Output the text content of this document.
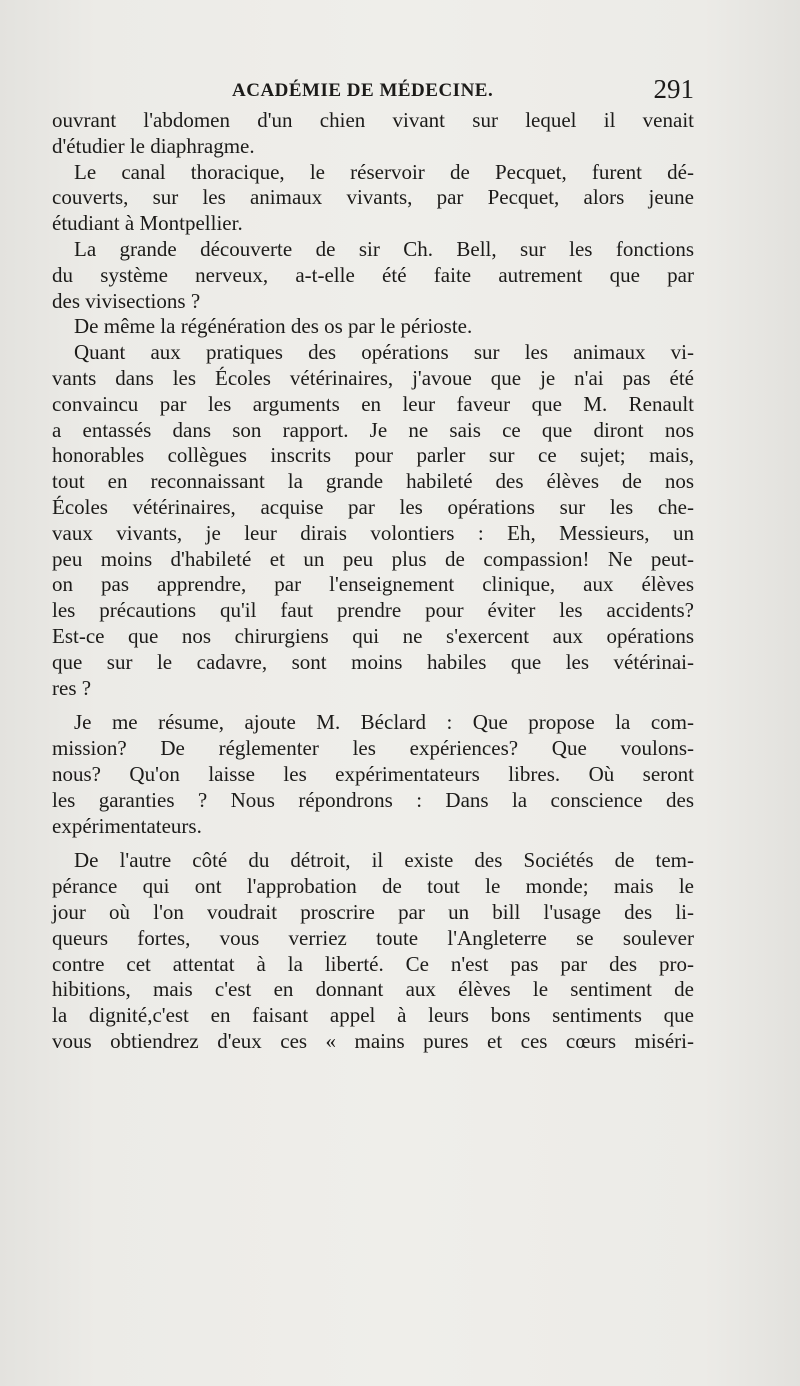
ACADÉMIE DE MÉDECINE.	291
ouvrant l'abdomen d'un chien vivant sur lequel il venait
d'étudier le diaphragme.
Le canal thoracique, le réservoir de Pecquet, furent dé-
couverts, sur les animaux vivants, par Pecquet, alors jeune
étudiant à Montpellier.
La grande découverte de sir Ch. Bell, sur les fonctions
du système nerveux, a-t-elle été faite autrement que par
des vivisections ?
De même la régénération des os par le périoste.
Quant aux pratiques des opérations sur les animaux vi-
vants dans les Écoles vétérinaires, j'avoue que je n'ai pas été
convaincu par les arguments en leur faveur que M. Renault
a entassés dans son rapport. Je ne sais ce que diront nos
honorables collègues inscrits pour parler sur ce sujet; mais,
tout en reconnaissant la grande habileté des élèves de nos
Écoles vétérinaires, acquise par les opérations sur les che-
vaux vivants, je leur dirais volontiers : Eh, Messieurs, un
peu moins d'habileté et un peu plus de compassion! Ne peut-
on pas apprendre, par l'enseignement clinique, aux élèves
les précautions qu'il faut prendre pour éviter les accidents?
Est-ce que nos chirurgiens qui ne s'exercent aux opérations
que sur le cadavre, sont moins habiles que les vétérinai-
res ?
Je me résume, ajoute M. Béclard : Que propose la com-
mission? De réglementer les expériences? Que voulons-
nous? Qu'on laisse les expérimentateurs libres. Où seront
les garanties ? Nous répondrons : Dans la conscience des
expérimentateurs.
De l'autre côté du détroit, il existe des Sociétés de tem-
pérance qui ont l'approbation de tout le monde; mais le
jour où l'on voudrait proscrire par un bill l'usage des li-
queurs fortes, vous verriez toute l'Angleterre se soulever
contre cet attentat à la liberté. Ce n'est pas par des pro-
hibitions, mais c'est en donnant aux élèves le sentiment de
la dignité,c'est en faisant appel à leurs bons sentiments que
vous obtiendrez d'eux ces « mains pures et ces cœurs miséri-
